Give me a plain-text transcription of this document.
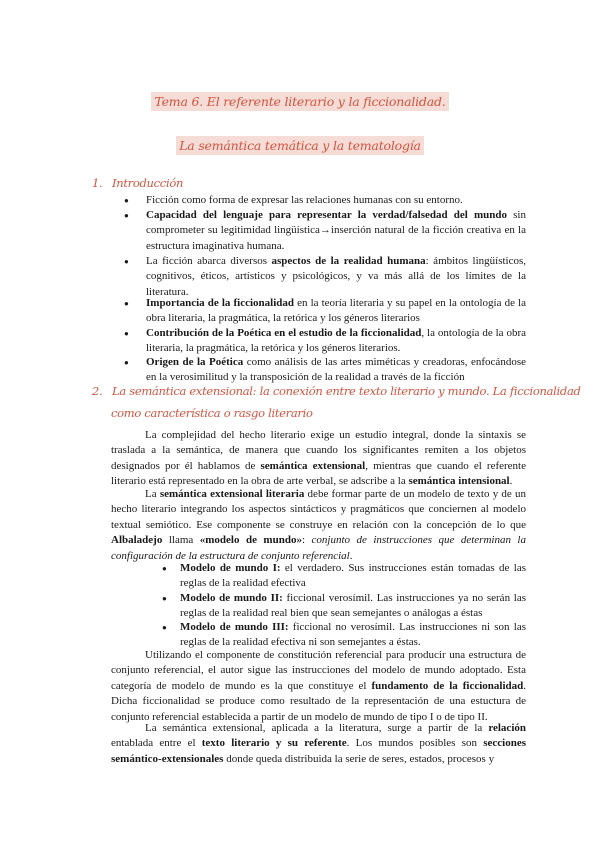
Tema 6. El referente literario y la ficcionalidad.
La semántica temática y la tematología
1. Introducción
● Ficción como forma de expresar las relaciones humanas con su entorno.
● Capacidad del lenguaje para representar la verdad/falsedad del mundo sin comprometer su legitimidad lingüística→inserción natural de la ficción creativa en la estructura imaginativa humana.
● La ficción abarca diversos aspectos de la realidad humana: ámbitos lingüísticos, cognitivos, éticos, artísticos y psicológicos, y va más allá de los límites de la literatura.
● Importancia de la ficcionalidad en la teoría literaria y su papel en la ontología de la obra literaria, la pragmática, la retórica y los géneros literarios
● Contribución de la Poética en el estudio de la ficcionalidad, la ontología de la obra literaria, la pragmática, la retórica y los géneros literarios.
● Origen de la Poética como análisis de las artes miméticas y creadoras, enfocándose en la verosimilitud y la transposición de la realidad a través de la ficción
2. La semántica extensional: la conexión entre texto literario y mundo. La ficcionalidad
como característica o rasgo literario
La complejidad del hecho literario exige un estudio integral, donde la sintaxis se traslada a la semántica, de manera que cuando los significantes remiten a los objetos designados por él hablamos de semántica extensional, mientras que cuando el referente literario está representado en la obra de arte verbal, se adscribe a la semántica intensional.
La semántica extensional literaria debe formar parte de un modelo de texto y de un hecho literario integrando los aspectos sintácticos y pragmáticos que conciernen al modelo textual semiótico. Ese componente se construye en relación con la concepción de lo que Albaladejo llama «modelo de mundo»: conjunto de instrucciones que determinan la configuración de la estructura de conjunto referencial.
● Modelo de mundo I: el verdadero. Sus instrucciones están tomadas de las reglas de la realidad efectiva
● Modelo de mundo II: ficcional verosímil. Las instrucciones ya no serán las reglas de la realidad real bien que sean semejantes o análogas a éstas
● Modelo de mundo III: ficcional no verosímil. Las instrucciones ni son las reglas de la realidad efectiva ni son semejantes a éstas.
Utilizando el componente de constitución referencial para producir una estructura de conjunto referencial, el autor sigue las instrucciones del modelo de mundo adoptado. Esta categoría de modelo de mundo es la que constituye el fundamento de la ficcionalidad. Dicha ficcionalidad se produce como resultado de la representación de una estuctura de conjunto referencial establecida a partir de un modelo de mundo de tipo I o de tipo II.
La semántica extensional, aplicada a la literatura, surge a partir de la relación entablada entre el texto literario y su referente. Los mundos posibles son secciones semántico-extensionales donde queda distribuida la serie de seres, estados, procesos y
